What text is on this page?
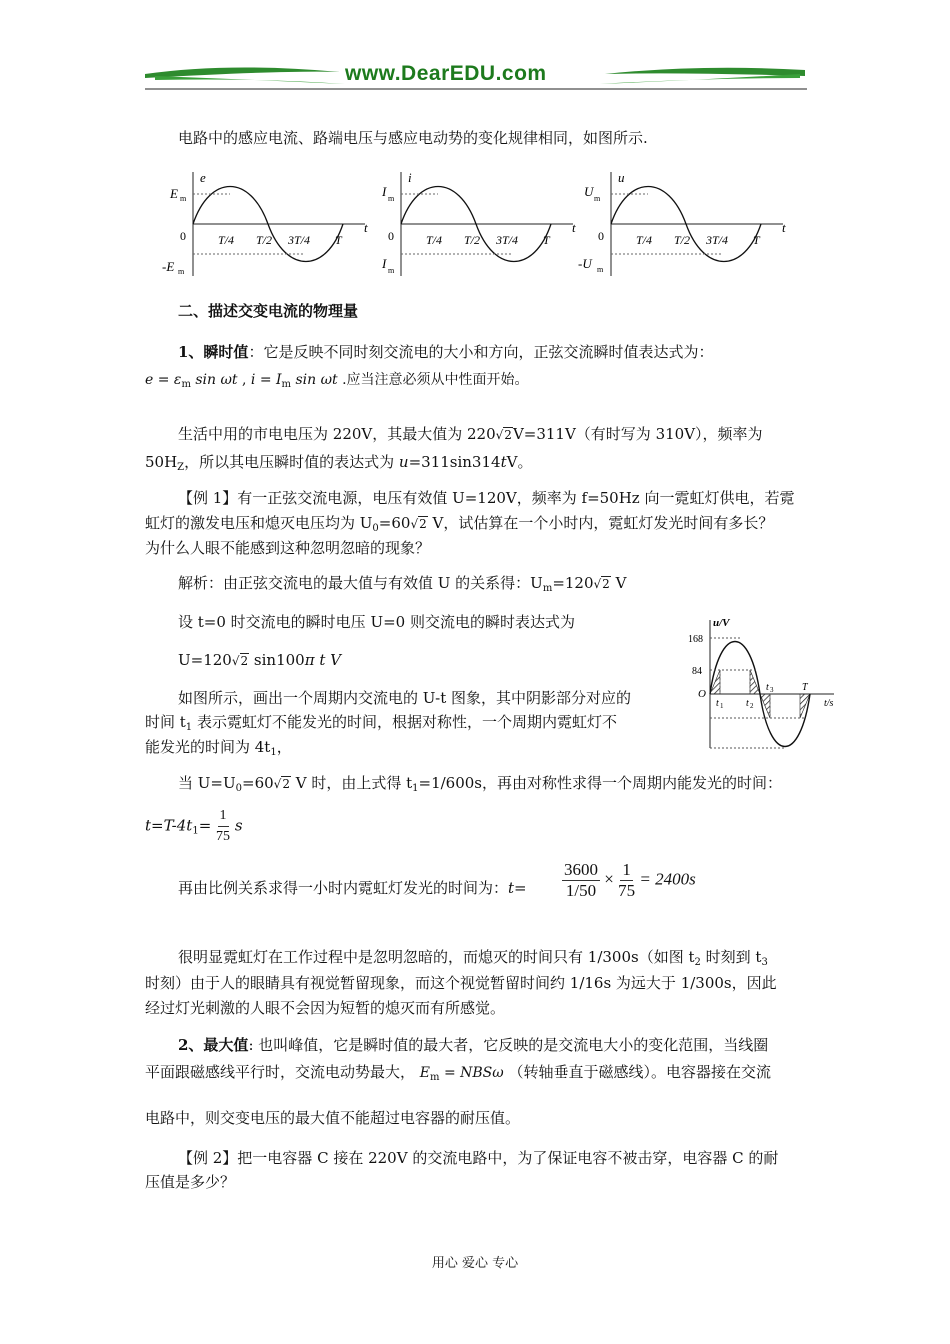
www.DearEDU.com
电路中的感应电流、路端电压与感应电动势的变化规律相同，如图所示.
e
E m
0
-E m
t
T/4 T/2 3T/4 T
i
I m
0
I m
t
T/4 T/2 3T/4 T
u
U m
0
-U m
t
T/4 T/2 3T/4 T
二、描述交变电流的物理量
1、瞬时值：它是反映不同时刻交流电的大小和方向，正弦交流瞬时值表达式为：
$e = \varepsilon_m$ sin ωt , $i = I_m$ sin ωt .应当注意必须从中性面开始。
生活中用的市电电压为 220V，其最大值为 220√2V=311V（有时写为 310V），频率为
$50H_Z$，所以其电压瞬时值的表达式为 u=311sin314tV。
【例 1】有一正弦交流电源，电压有效值 U=120V，频率为 f=50Hz 向一霓虹灯供电，若霓
虹灯的激发电压和熄灭电压均为 $U_0=60√2$ V，试估算在一个小时内，霓虹灯发光时间有多长？
为什么人眼不能感到这种忽明忽暗的现象？
解析：由正弦交流电的最大值与有效值 U 的关系得：$U_m=120√2$ V
设 t=0 时交流电的瞬时电压 U=0 则交流电的瞬时表达式为
U=120√2 sin100π t V
如图所示，画出一个周期内交流电的 U-t 图象，其中阴影部分对应的
时间 $t_1$ 表示霓虹灯不能发光的时间，根据对称性，一个周期内霓虹灯不
能发光的时间为 $4t_1$，
u/V
168
84
O
t 1 t 2
t 3	T
t/s
当 $U=U_0=60√2$ V 时，由上式得 $t_1=1/600s$，再由对称性求得一个周期内能发光的时间：
$t=T-4t_1= \frac{1}{75}$ s
再由比例关系求得一小时内霓虹灯发光的时间为：$t= \frac{3600}{1/50} \times \frac{1}{75} = 2400s$
很明显霓虹灯在工作过程中是忽明忽暗的，而熄灭的时间只有 1/300s（如图 $t_2$ 时刻到 $t_3$
时刻）由于人的眼睛具有视觉暂留现象，而这个视觉暂留时间约 1/16s 为远大于 1/300s，因此
经过灯光刺激的人眼不会因为短暂的熄灭而有所感觉。
2、最大值: 也叫峰值，它是瞬时值的最大者，它反映的是交流电大小的变化范围，当线圈
平面跟磁感线平行时，交流电动势最大， $E_m = NBS\omega$ （转轴垂直于磁感线）。电容器接在交流
电路中，则交变电压的最大值不能超过电容器的耐压值。
【例 2】把一电容器 C 接在 220V 的交流电路中，为了保证电容不被击穿，电容器 C 的耐
压值是多少？
用心 爱心 专心
